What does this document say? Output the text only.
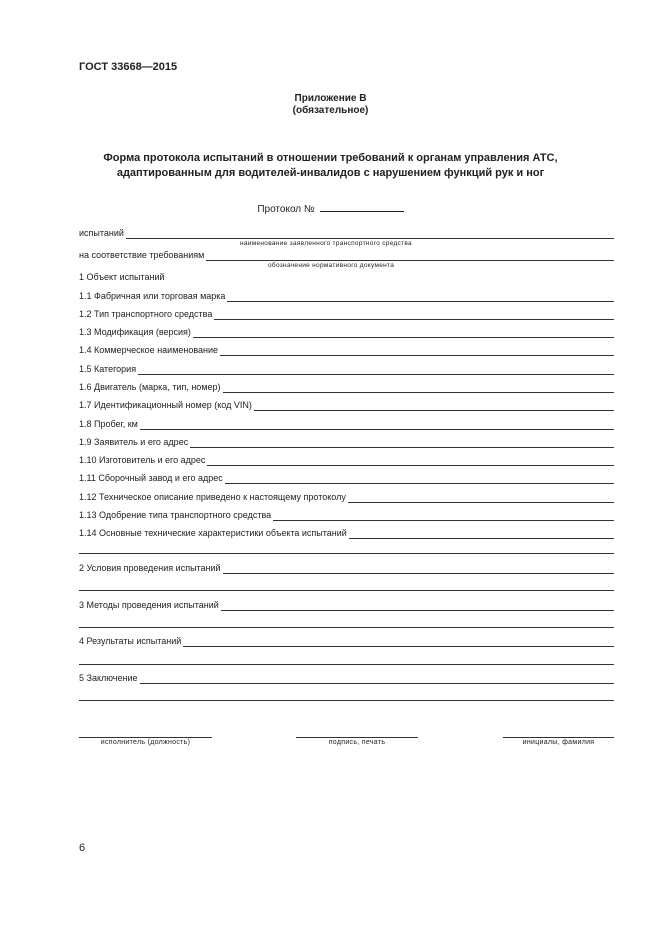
ГОСТ 33668—2015
Приложение В
(обязательное)
Форма протокола испытаний в отношении требований к органам управления АТС,
адаптированным для водителей-инвалидов с нарушением функций рук и ног
Протокол №
испытаний
наименование заявленного транспортного средства
на соответствие требованиям
обозначение нормативного документа
1 Объект испытаний
1.1 Фабричная или торговая марка
1.2 Тип транспортного средства
1.3 Модификация (версия)
1.4 Коммерческое наименование
1.5 Категория
1.6 Двигатель (марка, тип, номер)
1.7 Идентификационный номер (код VIN)
1.8 Пробег, км
1.9 Заявитель и его адрес
1.10 Изготовитель и его адрес
1.11 Сборочный завод и его адрес
1.12 Техническое описание приведено к настоящему протоколу
1.13 Одобрение типа транспортного средства
1.14 Основные технические характеристики объекта испытаний
2 Условия проведения испытаний
3 Методы проведения испытаний
4 Результаты испытаний
5 Заключение
исполнитель (должность)	подпись, печать	инициалы, фамилия
6
